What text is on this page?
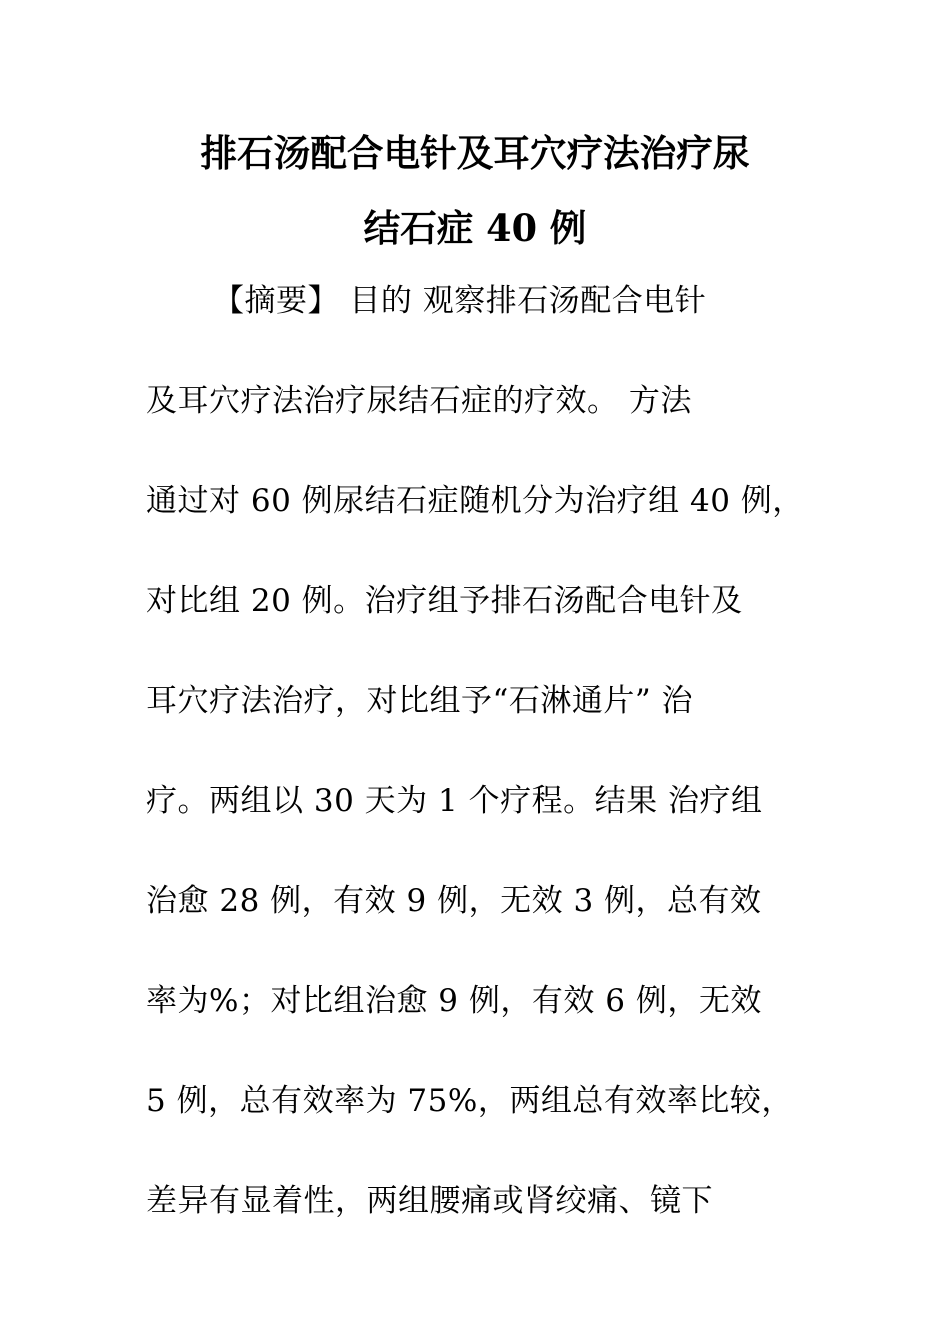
排石汤配合电针及耳穴疗法治疗尿
结石症 40 例
【摘要】 目的 观察排石汤配合电针
及耳穴疗法治疗尿结石症的疗效。 方法
通过对 60 例尿结石症随机分为治疗组 40 例，
对比组 20 例。治疗组予排石汤配合电针及
耳穴疗法治疗，对比组予“石淋通片” 治
疗。两组以 30 天为 1 个疗程。结果 治疗组
治愈 28 例，有效 9 例，无效 3 例，总有效
率为%；对比组治愈 9 例，有效 6 例，无效
5 例，总有效率为 75%，两组总有效率比较，
差异有显着性，两组腰痛或肾绞痛、镜下
